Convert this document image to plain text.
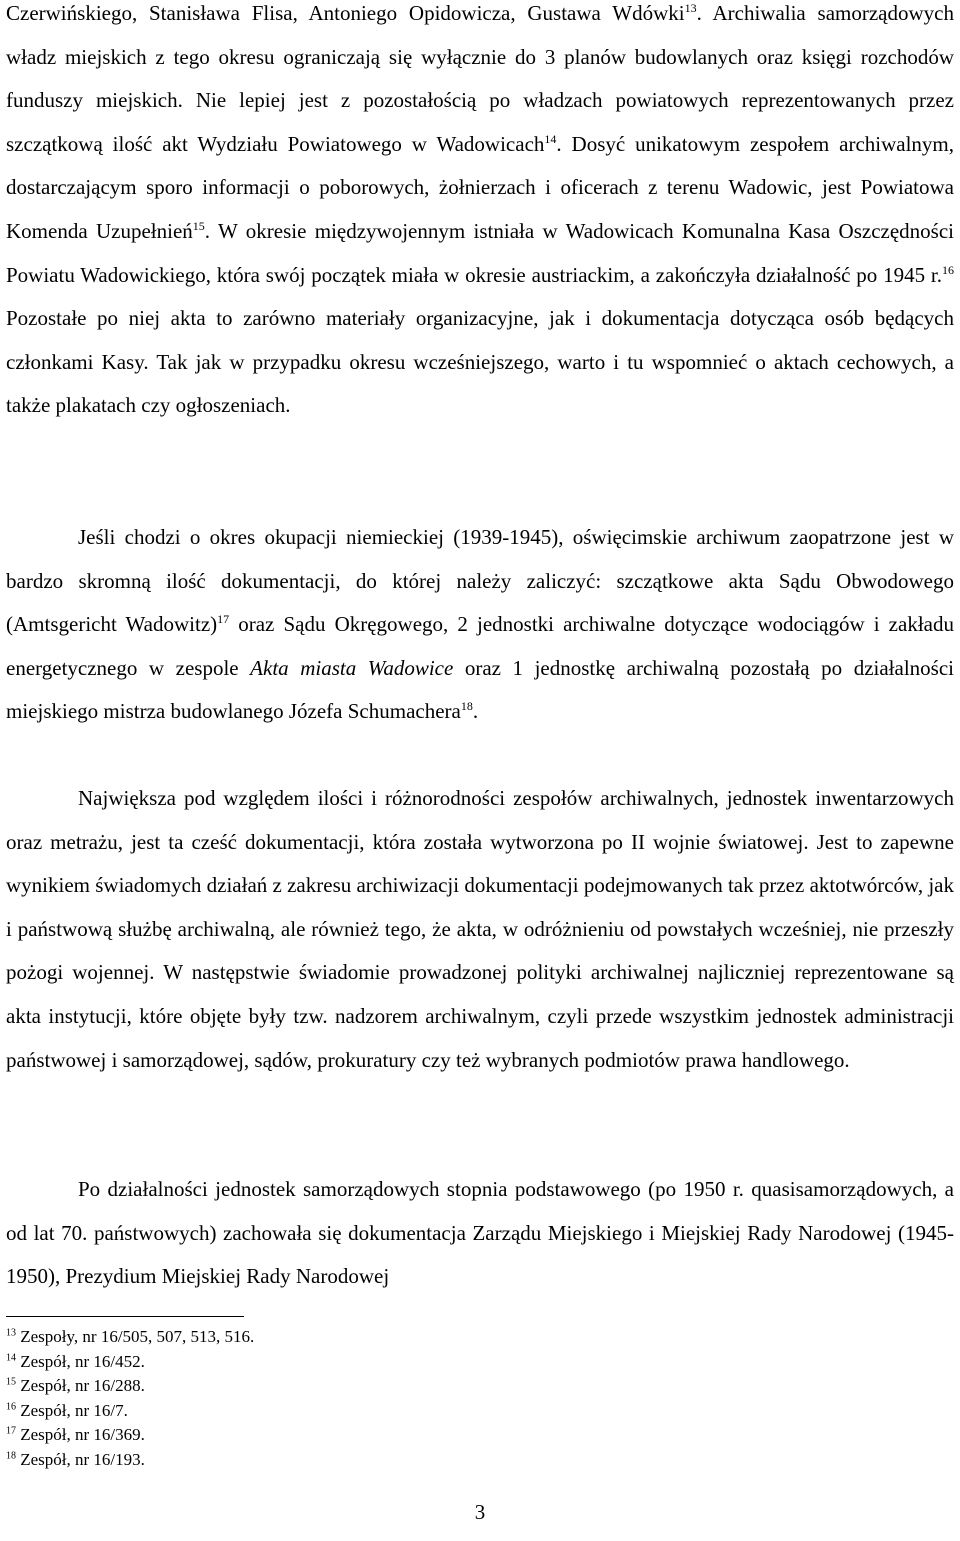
Czerwińskiego, Stanisława Flisa, Antoniego Opidowicza, Gustawa Wdówki$^{13}$. Archiwalia samorządowych władz miejskich z tego okresu ograniczają się wyłącznie do 3 planów budowlanych oraz księgi rozchodów funduszy miejskich. Nie lepiej jest z pozostałością po władzach powiatowych reprezentowanych przez szczątkową ilość akt Wydziału Powiatowego w Wadowicach$^{14}$. Dosyć unikatowym zespołem archiwalnym, dostarczającym sporo informacji o poborowych, żołnierzach i oficerach z terenu Wadowic, jest Powiatowa Komenda Uzupełnień$^{15}$. W okresie międzywojennym istniała w Wadowicach Komunalna Kasa Oszczędności Powiatu Wadowickiego, która swój początek miała w okresie austriackim, a zakończyła działalność po 1945 r.$^{16}$ Pozostałe po niej akta to zarówno materiały organizacyjne, jak i dokumentacja dotycząca osób będących członkami Kasy. Tak jak w przypadku okresu wcześniejszego, warto i tu wspomnieć o aktach cechowych, a także plakatach czy ogłoszeniach.

Jeśli chodzi o okres okupacji niemieckiej (1939-1945), oświęcimskie archiwum zaopatrzone jest w bardzo skromną ilość dokumentacji, do której należy zaliczyć: szczątkowe akta Sądu Obwodowego (Amtsgericht Wadowitz)$^{17}$ oraz Sądu Okręgowego, 2 jednostki archiwalne dotyczące wodociągów i zakładu energetycznego w zespole Akta miasta Wadowice oraz 1 jednostkę archiwalną pozostałą po działalności miejskiego mistrza budowlanego Józefa Schumachera$^{18}$.

Największa pod względem ilości i różnorodności zespołów archiwalnych, jednostek inwentarzowych oraz metrażu, jest ta cześć dokumentacji, która została wytworzona po II wojnie światowej. Jest to zapewne wynikiem świadomych działań z zakresu archiwizacji dokumentacji podejmowanych tak przez aktotwórców, jak i państwową służbę archiwalną, ale również tego, że akta, w odróżnieniu od powstałych wcześniej, nie przeszły pożogi wojennej. W następstwie świadomie prowadzonej polityki archiwalnej najliczniej reprezentowane są akta instytucji, które objęte były tzw. nadzorem archiwalnym, czyli przede wszystkim jednostek administracji państwowej i samorządowej, sądów, prokuratury czy też wybranych podmiotów prawa handlowego.

Po działalności jednostek samorządowych stopnia podstawowego (po 1950 r. quasisamorządowych, a od lat 70. państwowych) zachowała się dokumentacja Zarządu Miejskiego i Miejskiej Rady Narodowej (1945-1950), Prezydium Miejskiej Rady Narodowej

$^{13}$ Zespoły, nr 16/505, 507, 513, 516.

$^{14}$ Zespół, nr 16/452.

$^{15}$ Zespół, nr 16/288.

$^{16}$ Zespół, nr 16/7.

$^{17}$ Zespół, nr 16/369.

$^{18}$ Zespół, nr 16/193.

3
